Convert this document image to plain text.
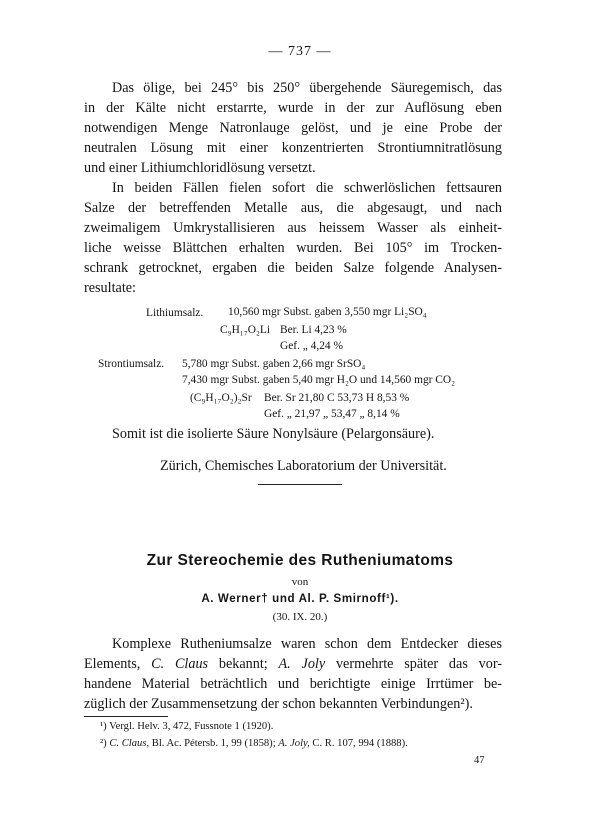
— 737 —
Das ölige, bei 245° bis 250° übergehende Säuregemisch, das
in der Kälte nicht erstarrte, wurde in der zur Auflösung eben
notwendigen Menge Natronlauge gelöst, und je eine Probe der
neutralen Lösung mit einer konzentrierten Strontiumnitratlösung
und einer Lithiumchloridlösung versetzt.
In beiden Fällen fielen sofort die schwerlöslichen fettsauren
Salze der betreffenden Metalle aus, die abgesaugt, und nach
zweimaligem Umkrystallisieren aus heissem Wasser als einheit-
liche weisse Blättchen erhalten wurden. Bei 105° im Trocken-
schrank getrocknet, ergaben die beiden Salze folgende Analysen-
resultate:
Lithiumsalz. 10,560 mgr Subst. gaben 3,550 mgr Li₂SO₄
C₉H₁₇O₂Li Ber. Li 4,23 %
Gef. „ 4,24 %
Strontiumsalz. 5,780 mgr Subst. gaben 2,66 mgr SrSO₄
7,430 mgr Subst. gaben 5,40 mgr H₂O und 14,560 mgr CO₂
(C₉H₁₇O₂)₂Sr Ber. Sr 21,80 C 53,73 H 8,53 %
Gef. „ 21,97 „ 53,47 „ 8,14 %
Somit ist die isolierte Säure Nonylsäure (Pelargonsäure).
Zürich, Chemisches Laboratorium der Universität.
Zur Stereochemie des Rutheniumatoms
von
A. Werner† und Al. P. Smirnoff¹).
(30. IX. 20.)
Komplexe Rutheniumsalze waren schon dem Entdecker dieses
Elements, C. Claus bekannt; A. Joly vermehrte später das vor-
handene Material beträchtlich und berichtigte einige Irrtümer be-
züglich der Zusammensetzung der schon bekannten Verbindungen²).
¹) Vergl. Helv. 3, 472, Fussnote 1 (1920).
²) C. Claus, Bl. Ac. Pétersb. 1, 99 (1858); A. Joly, C. R. 107, 994 (1888).
47
